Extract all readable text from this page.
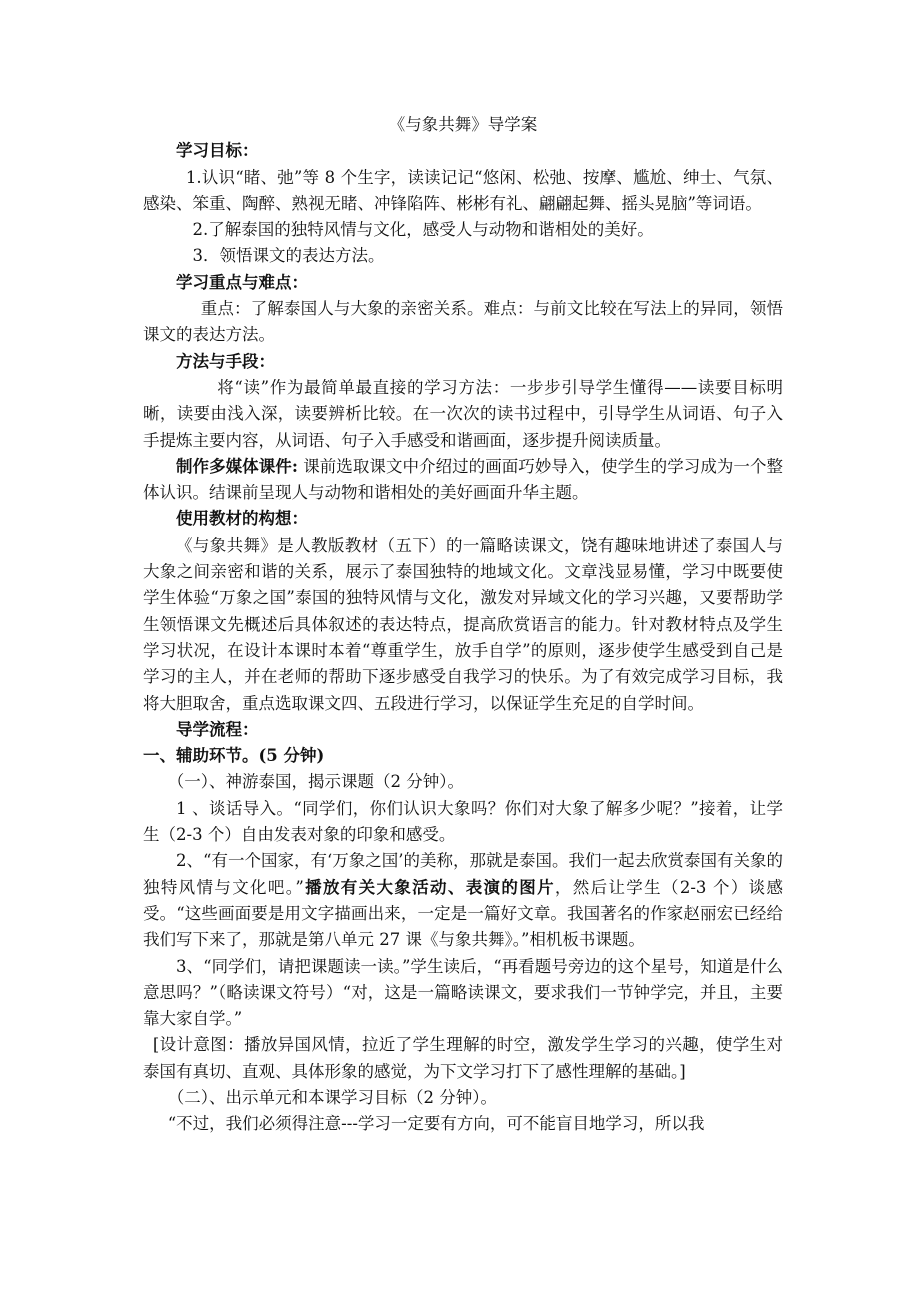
《与象共舞》导学案

学习目标：

1.认识“睹、弛”等 8 个生字，读读记记“悠闲、松弛、按摩、尴尬、绅士、气氛、感染、笨重、陶醉、熟视无睹、冲锋陷阵、彬彬有礼、翩翩起舞、摇头晃脑”等词语。

2.了解泰国的独特风情与文化，感受人与动物和谐相处的美好。

3．领悟课文的表达方法。

学习重点与难点：

重点：了解泰国人与大象的亲密关系。难点：与前文比较在写法上的异同，领悟课文的表达方法。

方法与手段：

将“读”作为最简单最直接的学习方法：一步步引导学生懂得——读要目标明晰，读要由浅入深，读要辨析比较。在一次次的读书过程中，引导学生从词语、句子入手提炼主要内容，从词语、句子入手感受和谐画面，逐步提升阅读质量。

制作多媒体课件: 课前选取课文中介绍过的画面巧妙导入，使学生的学习成为一个整体认识。结课前呈现人与动物和谐相处的美好画面升华主题。

使用教材的构想：

《与象共舞》是人教版教材（五下）的一篇略读课文，饶有趣味地讲述了泰国人与大象之间亲密和谐的关系，展示了泰国独特的地域文化。文章浅显易懂，学习中既要使学生体验“万象之国”泰国的独特风情与文化，激发对异域文化的学习兴趣，又要帮助学生领悟课文先概述后具体叙述的表达特点，提高欣赏语言的能力。针对教材特点及学生学习状况，在设计本课时本着“尊重学生，放手自学”的原则，逐步使学生感受到自己是学习的主人，并在老师的帮助下逐步感受自我学习的快乐。为了有效完成学习目标，我将大胆取舍，重点选取课文四、五段进行学习，以保证学生充足的自学时间。

导学流程：

一、辅助环节。(5 分钟)

（一）、神游泰国，揭示课题（2 分钟）。

1 、谈话导入。“同学们，你们认识大象吗？你们对大象了解多少呢？”接着，让学生（2-3 个）自由发表对象的印象和感受。

2、“有一个国家，有‘万象之国’的美称，那就是泰国。我们一起去欣赏泰国有关象的独特风情与文化吧。”播放有关大象活动、表演的图片，然后让学生（2-3 个）谈感受。“这些画面要是用文字描画出来，一定是一篇好文章。我国著名的作家赵丽宏已经给我们写下来了，那就是第八单元 27 课《与象共舞》。”相机板书课题。

3、“同学们，请把课题读一读。”学生读后，“再看题号旁边的这个星号，知道是什么意思吗？”（略读课文符号）“对，这是一篇略读课文，要求我们一节钟学完，并且，主要靠大家自学。”

[设计意图：播放异国风情，拉近了学生理解的时空，激发学生学习的兴趣，使学生对泰国有真切、直观、具体形象的感觉，为下文学习打下了感性理解的基础。]

（二）、出示单元和本课学习目标（2 分钟）。

“不过，我们必须得注意---学习一定要有方向，可不能盲目地学习，所以我
